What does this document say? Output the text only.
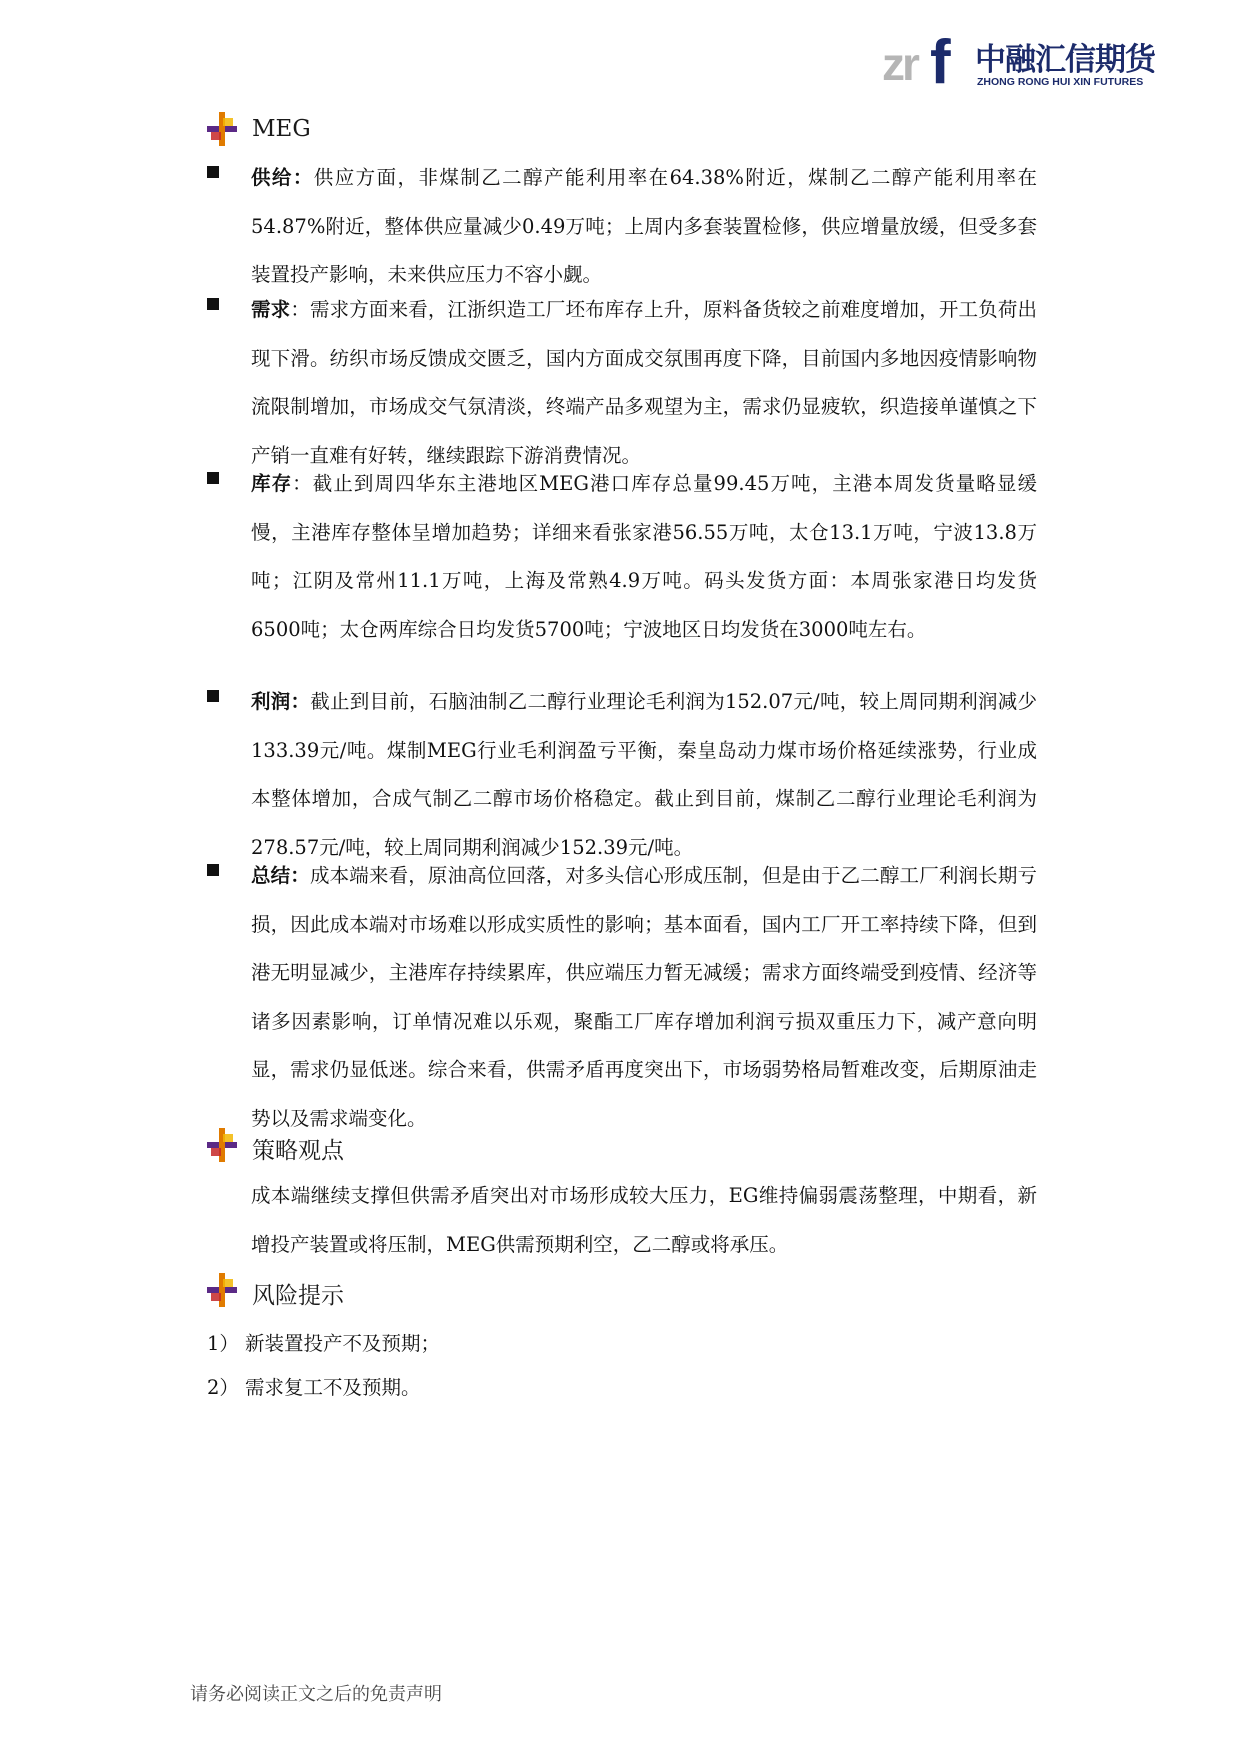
zr f 中融汇信期货
ZHONG RONG HUI XIN FUTURES
MEG

供给：供应方面，非煤制乙二醇产能利用率在64.38%附近，煤制乙二醇产能利用率在54.87%附近，整体供应量减少0.49万吨；上周内多套装置检修，供应增量放缓，但受多套装置投产影响，未来供应压力不容小觑。

需求：需求方面来看，江浙织造工厂坯布库存上升，原料备货较之前难度增加，开工负荷出现下滑。纺织市场反馈成交匮乏，国内方面成交氛围再度下降，目前国内多地因疫情影响物流限制增加，市场成交气氛清淡，终端产品多观望为主，需求仍显疲软，织造接单谨慎之下产销一直难有好转，继续跟踪下游消费情况。

库存：截止到周四华东主港地区MEG港口库存总量99.45万吨，主港本周发货量略显缓慢，主港库存整体呈增加趋势；详细来看张家港56.55万吨，太仓13.1万吨，宁波13.8万吨；江阴及常州11.1万吨，上海及常熟4.9万吨。码头发货方面：本周张家港日均发货6500吨；太仓两库综合日均发货5700吨；宁波地区日均发货在3000吨左右。

利润：截止到目前，石脑油制乙二醇行业理论毛利润为152.07元/吨，较上周同期利润减少133.39元/吨。煤制MEG行业毛利润盈亏平衡，秦皇岛动力煤市场价格延续涨势，行业成本整体增加，合成气制乙二醇市场价格稳定。截止到目前，煤制乙二醇行业理论毛利润为278.57元/吨，较上周同期利润减少152.39元/吨。

总结：成本端来看，原油高位回落，对多头信心形成压制，但是由于乙二醇工厂利润长期亏损，因此成本端对市场难以形成实质性的影响；基本面看，国内工厂开工率持续下降，但到港无明显减少，主港库存持续累库，供应端压力暂无减缓；需求方面终端受到疫情、经济等诸多因素影响，订单情况难以乐观，聚酯工厂库存增加利润亏损双重压力下，减产意向明显，需求仍显低迷。综合来看，供需矛盾再度突出下，市场弱势格局暂难改变，后期原油走势以及需求端变化。

策略观点

成本端继续支撑但供需矛盾突出对市场形成较大压力，EG维持偏弱震荡整理，中期看，新增投产装置或将压制，MEG供需预期利空，乙二醇或将承压。

风险提示
1） 新装置投产不及预期；
2） 需求复工不及预期。
请务必阅读正文之后的免责声明
